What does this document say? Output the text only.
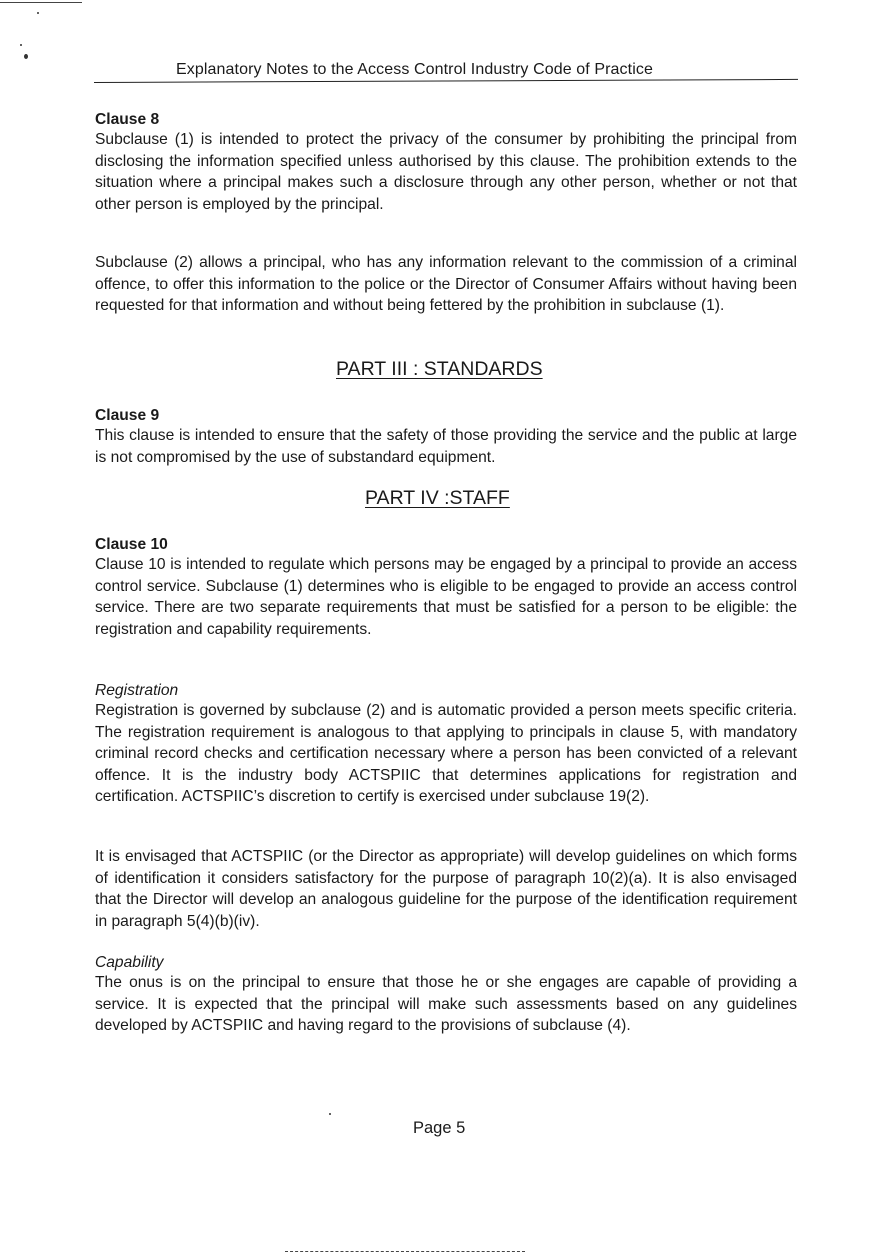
Explanatory Notes to the Access Control Industry Code of Practice

Clause 8

Subclause (1) is intended to protect the privacy of the consumer by prohibiting the principal from disclosing the information specified unless authorised by this clause. The prohibition extends to the situation where a principal makes such a disclosure through any other person, whether or not that other person is employed by the principal.

Subclause (2) allows a principal, who has any information relevant to the commission of a criminal offence, to offer this information to the police or the Director of Consumer Affairs without having been requested for that information and without being fettered by the prohibition in subclause (1).

PART III : STANDARDS

Clause 9

This clause is intended to ensure that the safety of those providing the service and the public at large is not compromised by the use of substandard equipment.

PART IV :STAFF

Clause 10

Clause 10 is intended to regulate which persons may be engaged by a principal to provide an access control service. Subclause (1) determines who is eligible to be engaged to provide an access control service. There are two separate requirements that must be satisfied for a person to be eligible: the registration and capability requirements.

Registration

Registration is governed by subclause (2) and is automatic provided a person meets specific criteria. The registration requirement is analogous to that applying to principals in clause 5, with mandatory criminal record checks and certification necessary where a person has been convicted of a relevant offence. It is the industry body ACTSPIIC that determines applications for registration and certification. ACTSPIIC’s discretion to certify is exercised under subclause 19(2).

It is envisaged that ACTSPIIC (or the Director as appropriate) will develop guidelines on which forms of identification it considers satisfactory for the purpose of paragraph 10(2)(a). It is also envisaged that the Director will develop an analogous guideline for the purpose of the identification requirement in paragraph 5(4)(b)(iv).

Capability

The onus is on the principal to ensure that those he or she engages are capable of providing a service. It is expected that the principal will make such assessments based on any guidelines developed by ACTSPIIC and having regard to the provisions of subclause (4).

Page 5
